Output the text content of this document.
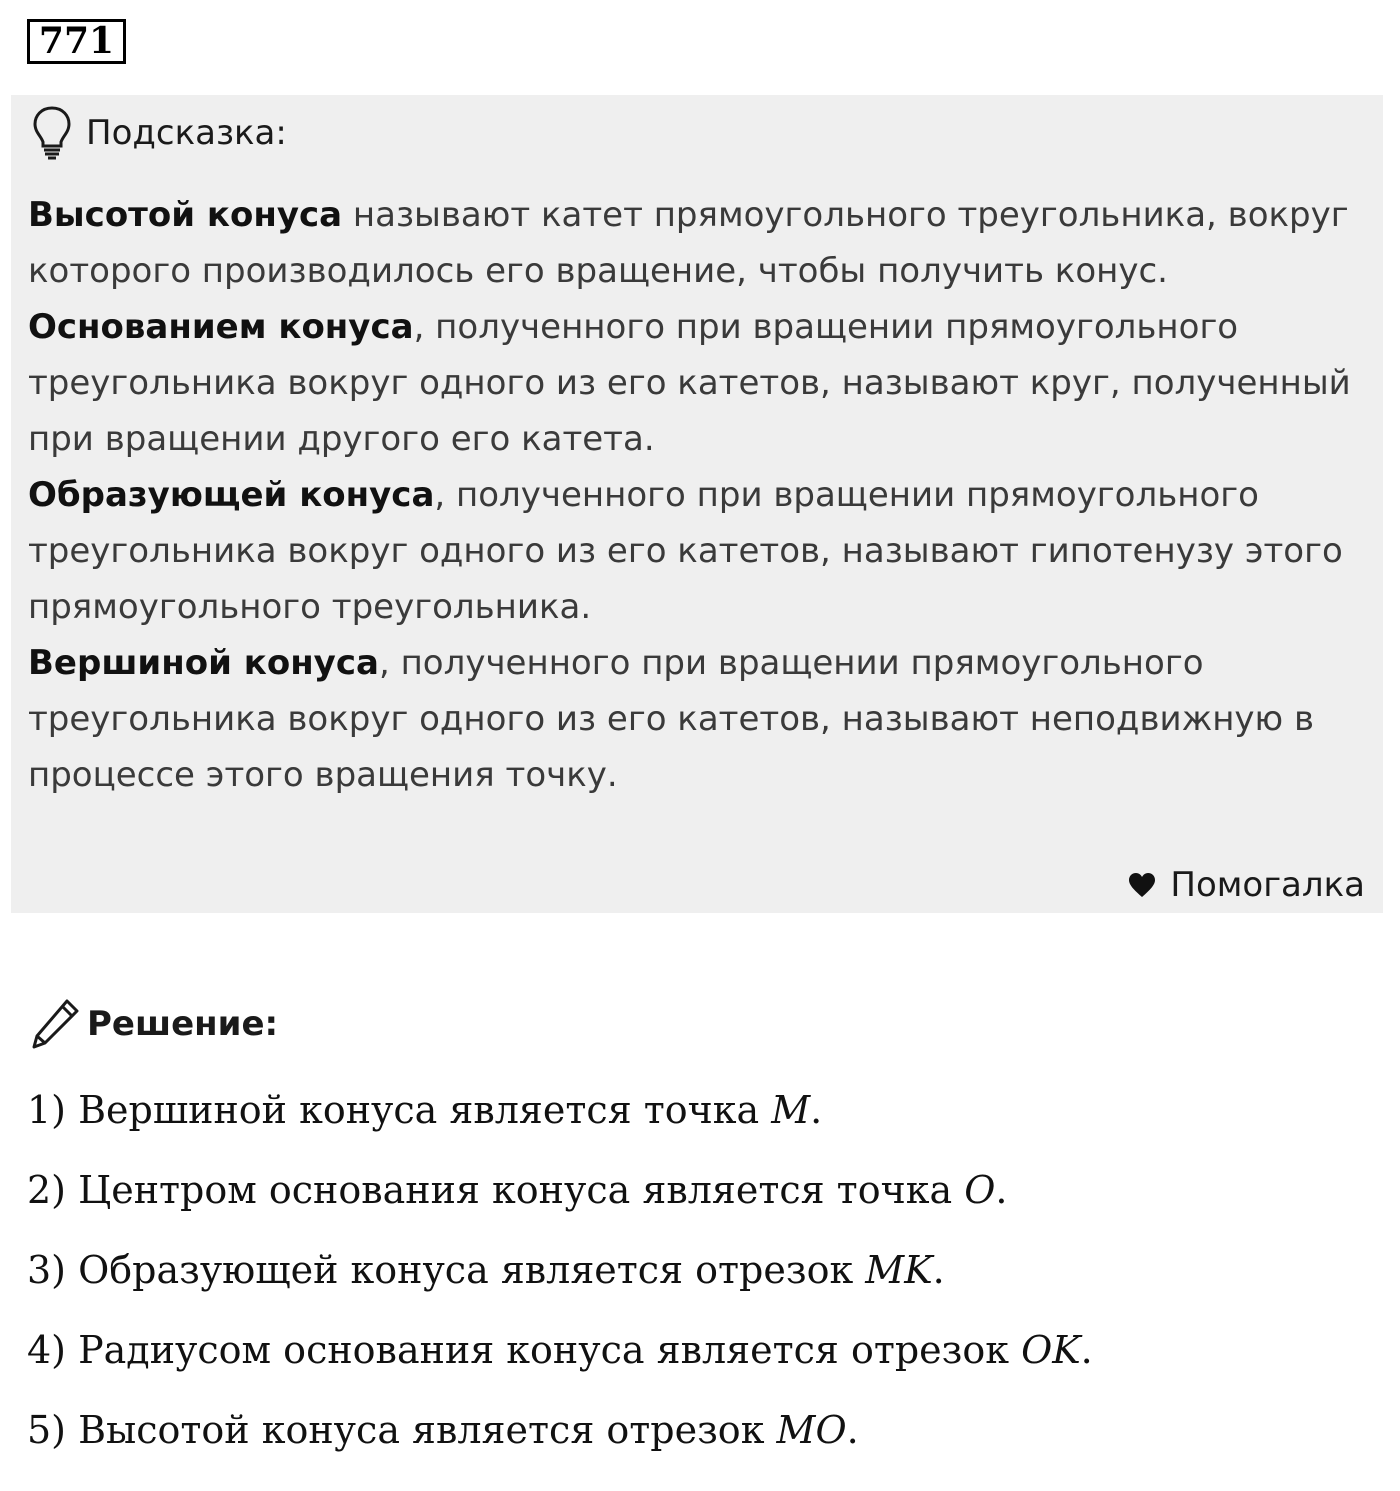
771
Подсказка:

Высотой конуса называют катет прямоугольного треугольника, вокруг которого производилось его вращение, чтобы получить конус.

Основанием конуса, полученного при вращении прямоугольного треугольника вокруг одного из его катетов, называют круг, полученный при вращении другого его катета.

Образующей конуса, полученного при вращении прямоугольного треугольника вокруг одного из его катетов, называют гипотенузу этого прямоугольного треугольника.

Вершиной конуса, полученного при вращении прямоугольного треугольника вокруг одного из его катетов, называют неподвижную в процессе этого вращения точку.

Помогалка
Решение:
1) Вершиной конуса является точка M.
2) Центром основания конуса является точка O.
3) Образующей конуса является отрезок MK.
4) Радиусом основания конуса является отрезок OK.
5) Высотой конуса является отрезок MO.
